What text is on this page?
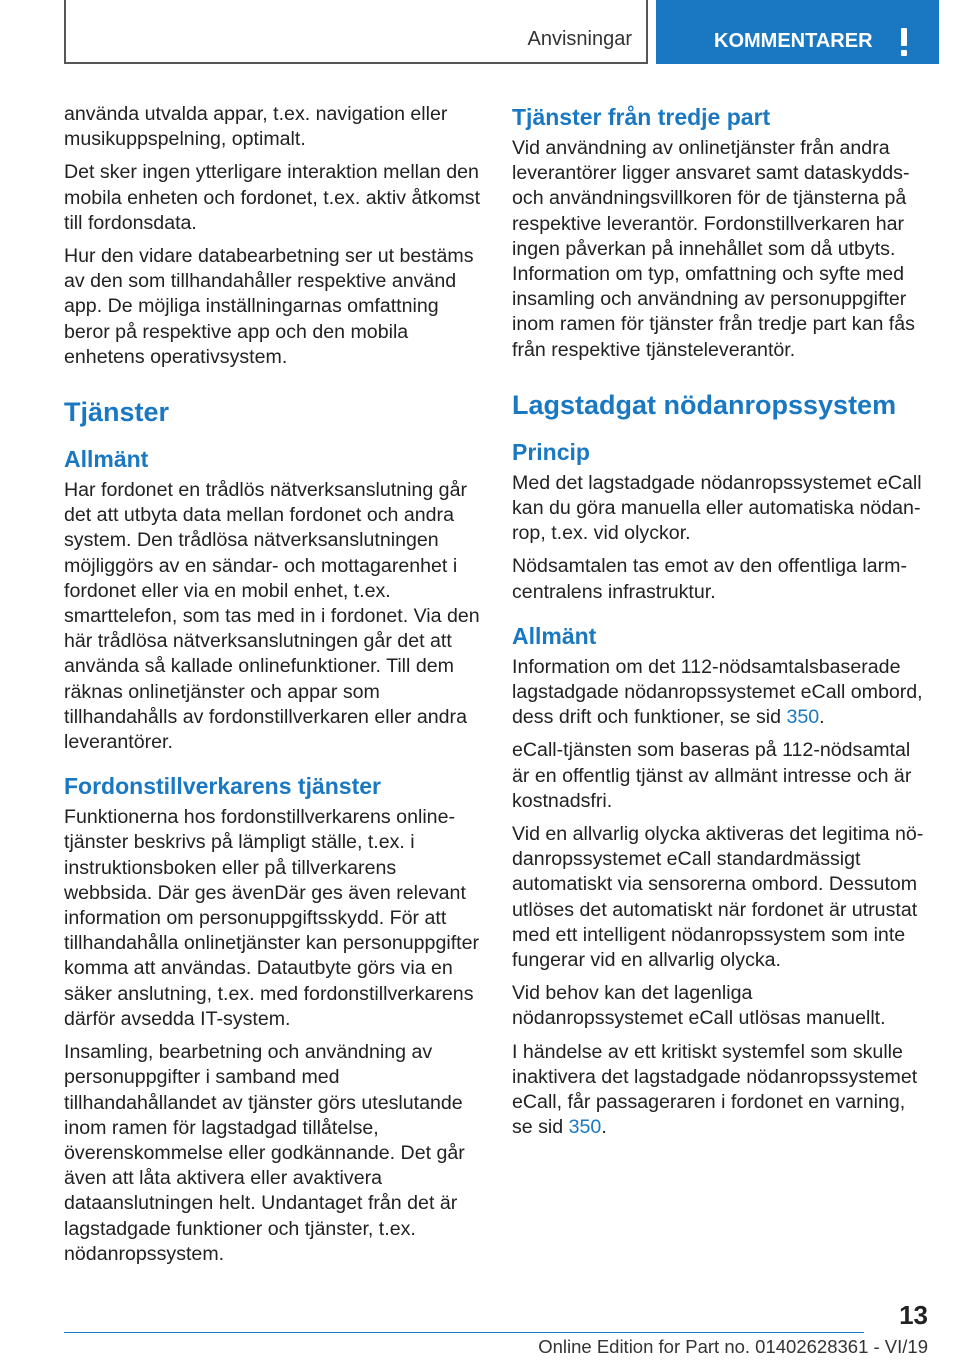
Anvisningar	KOMMENTARER

använda utvalda appar, t.ex. navigation eller musikuppspelning, optimalt.

Det sker ingen ytterligare interaktion mellan den mobila enheten och fordonet, t.ex. aktiv åtkomst till fordonsdata.

Hur den vidare databearbetning ser ut bestäms av den som tillhandahåller respektive använd app. De möjliga inställningarnas omfattning beror på respektive app och den mobila enhetens operativsystem.

Tjänster
Allmänt

Har fordonet en trådlös nätverksanslutning går det att utbyta data mellan fordonet och andra system. Den trådlösa nätverksanslutningen möjliggörs av en sändar- och mottagarenhet i fordonet eller via en mobil enhet, t.ex. smarttelefon, som tas med in i fordonet. Via den här trådlösa nätverksanslutningen går det att använda så kallade onlinefunktioner. Till dem räknas onlinetjänster och appar som tillhandahålls av fordonstillverkaren eller andra leverantörer.

Fordonstillverkarens tjänster

Funktionerna hos fordonstillverkarens onlinetjänster beskrivs på lämpligt ställe, t.ex. i instruktionsboken eller på tillverkarens webbsida. Där ges ävenDär ges även relevant information om personuppgiftsskydd. För att tillhandahålla onlinetjänster kan personuppgifter komma att användas. Datautbyte görs via en säker anslutning, t.ex. med fordonstillverkarens därför avsedda IT-system.

Insamling, bearbetning och användning av personuppgifter i samband med tillhandahållandet av tjänster görs uteslutande inom ramen för lagstadgad tillåtelse, överenskommelse eller godkännande. Det går även att låta aktivera eller avaktivera dataanslutningen helt. Undantaget från det är lagstadgade funktioner och tjänster, t.ex. nödanropssystem.

Tjänster från tredje part

Vid användning av onlinetjänster från andra leverantörer ligger ansvaret samt dataskydds- och användningsvillkoren för de tjänsterna på respektive leverantör. Fordonstillverkaren har ingen påverkan på innehållet som då utbyts. Information om typ, omfattning och syfte med insamling och användning av personuppgifter inom ramen för tjänster från tredje part kan fås från respektive tjänsteleverantör.

Lagstadgat nödanropssystem
Princip

Med det lagstadgade nödanropssystemet eCall kan du göra manuella eller automatiska nödanrop, t.ex. vid olyckor.

Nödsamtalen tas emot av den offentliga larmcentralens infrastruktur.

Allmänt

Information om det 112-nödsamtalsbaserade lagstadgade nödanropssystemet eCall ombord, dess drift och funktioner, se sid 350.

eCall-tjänsten som baseras på 112-nödsamtal är en offentlig tjänst av allmänt intresse och är kostnadsfri.

Vid en allvarlig olycka aktiveras det legitima nödanropssystemet eCall standardmässigt automatiskt via sensorerna ombord. Dessutom utlöses det automatiskt när fordonet är utrustat med ett intelligent nödanropssystem som inte fungerar vid en allvarlig olycka.

Vid behov kan det lagenliga nödanropssystemet eCall utlösas manuellt.

I händelse av ett kritiskt systemfel som skulle inaktivera det lagstadgade nödanropssystemet eCall, får passageraren i fordonet en varning, se sid 350.

13
Online Edition for Part no. 01402628361 - VI/19
